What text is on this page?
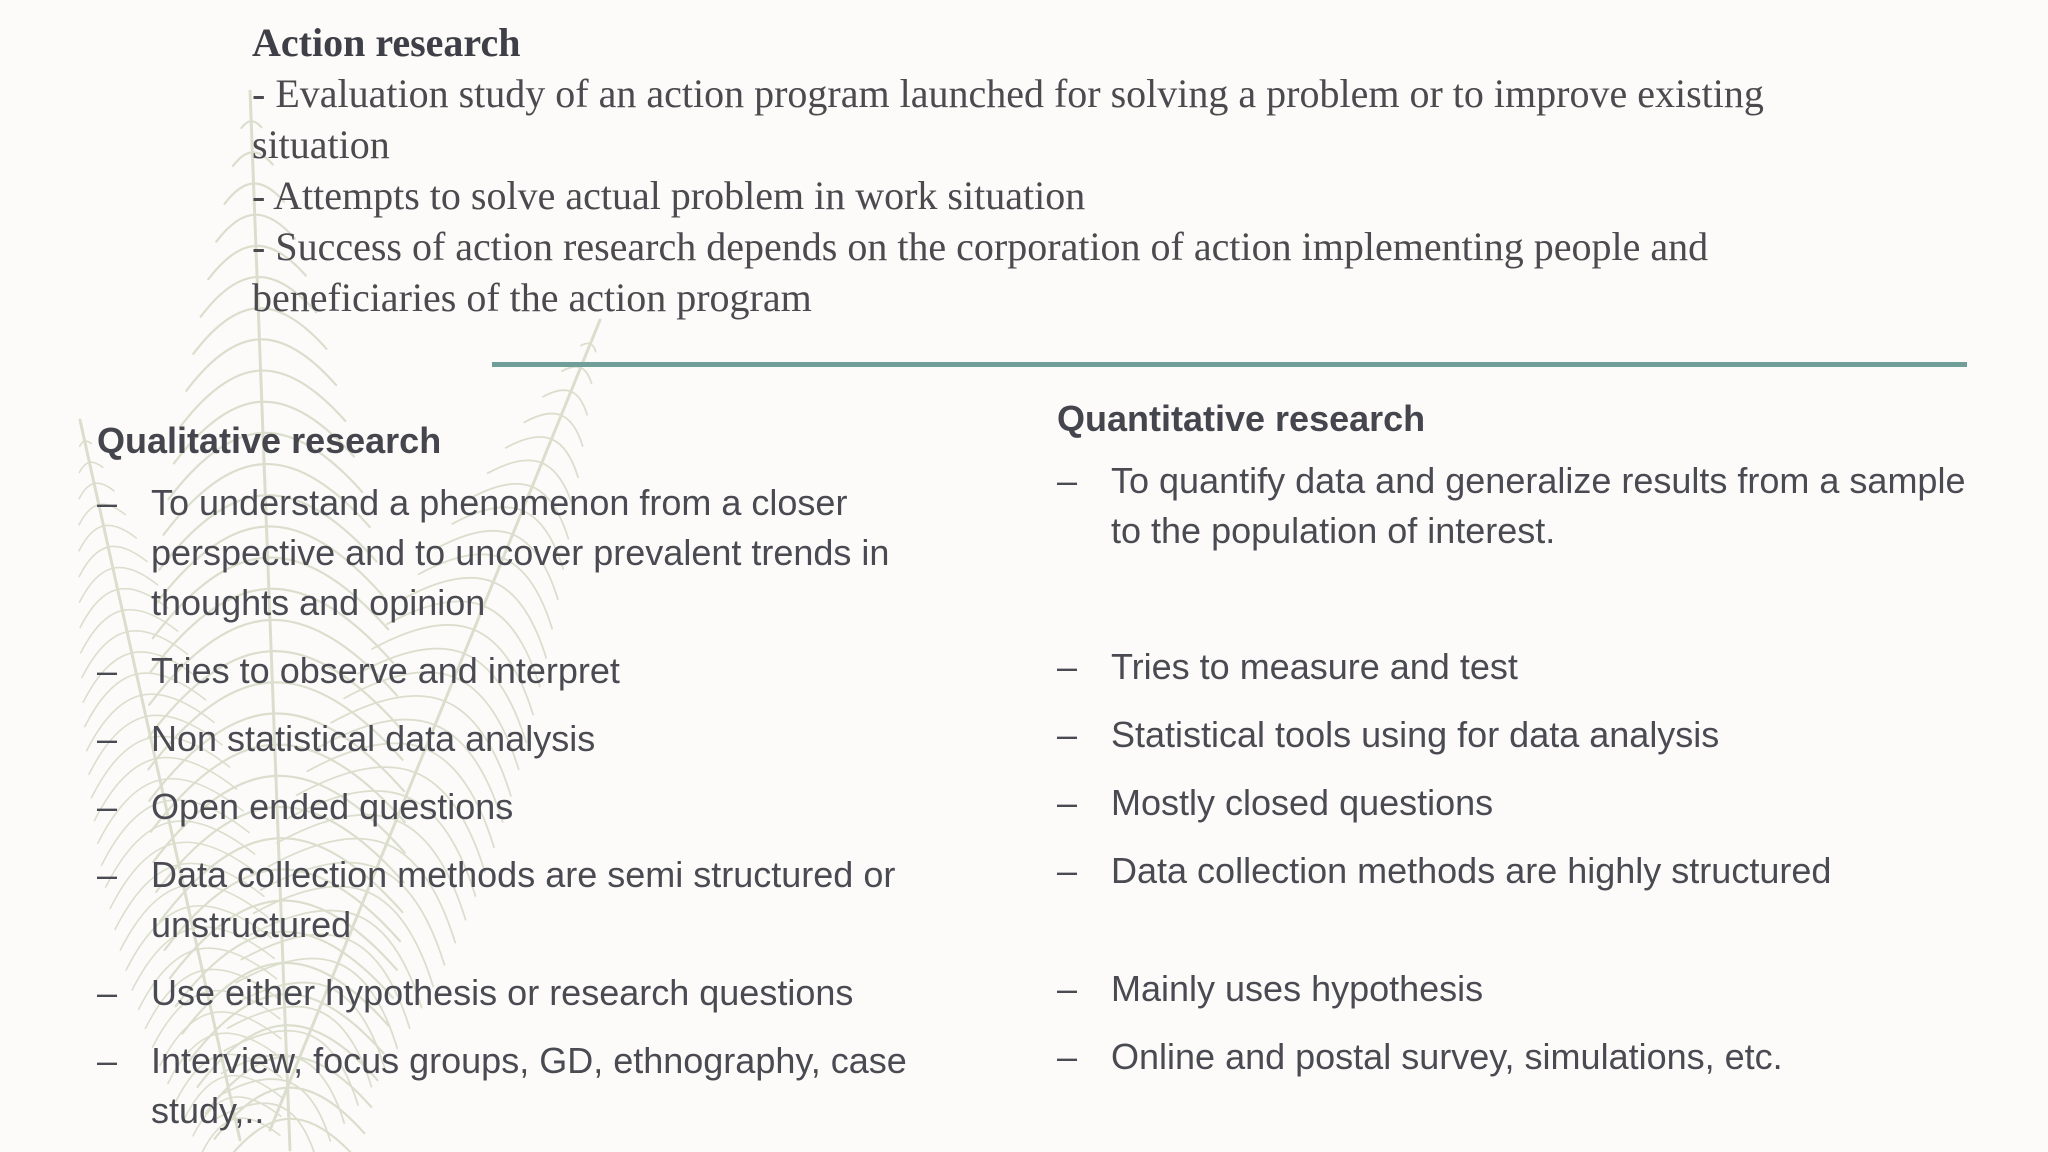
Action research
- Evaluation study of an action program launched for solving a problem or to improve existing
situation
- Attempts to solve actual problem in work situation
- Success of action research depends on the corporation of action implementing people and
beneficiaries of the action program
Qualitative research
– To understand a phenomenon from a closer perspective and to uncover prevalent trends in thoughts and opinion
– Tries to observe and interpret
– Non statistical data analysis
– Open ended questions
– Data collection methods are semi structured or unstructured
– Use either hypothesis or research questions
– Interview, focus groups, GD, ethnography, case study,..
Quantitative research
– To quantify data and generalize results from a sample to the population of interest.
– Tries to measure and test
– Statistical tools using for data analysis
– Mostly closed questions
– Data collection methods are highly structured
– Mainly uses hypothesis
– Online and postal survey, simulations, etc.
